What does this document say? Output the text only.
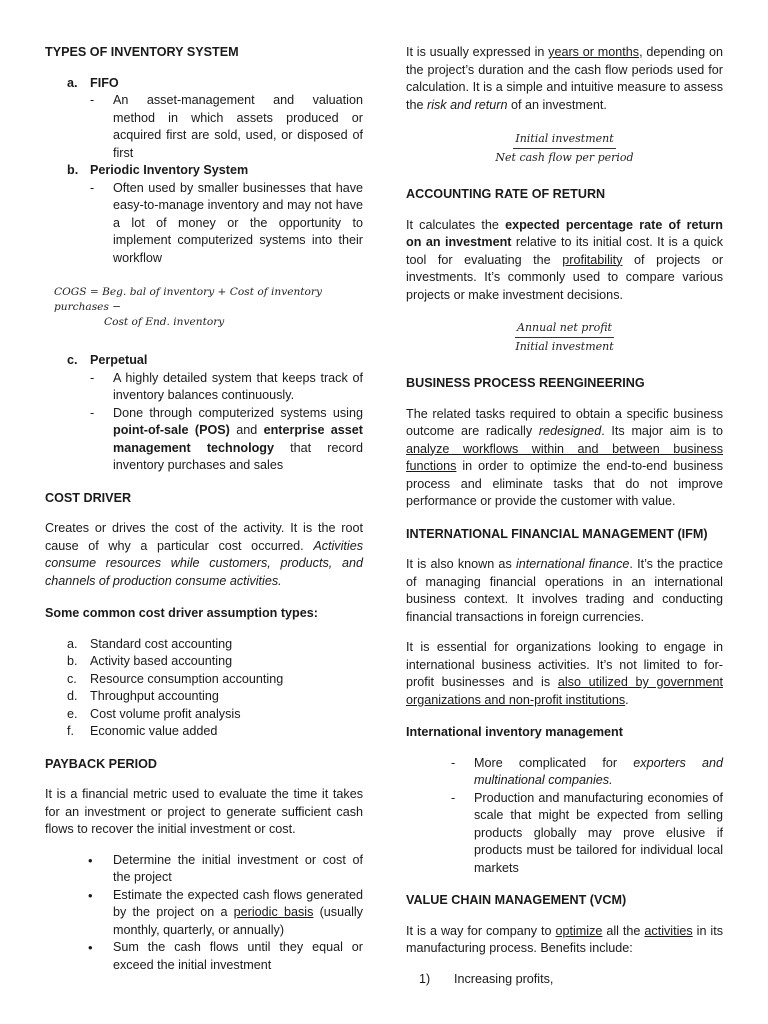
TYPES OF INVENTORY SYSTEM

a. FIFO
-	An asset-management and valuation method in which assets produced or acquired first are sold, used, or disposed of first
b. Periodic Inventory System
-	Often used by smaller businesses that have easy-to-manage inventory and may not have a lot of money or the opportunity to implement computerized systems into their workflow
COGS = Beg. bal of inventory + Cost of inventory purchases −
Cost of End. inventory
c. Perpetual
-	A highly detailed system that keeps track of inventory balances continuously.
-	Done through computerized systems using point-of-sale (POS) and enterprise asset management technology that record inventory purchases and sales

COST DRIVER

Creates or drives the cost of the activity. It is the root cause of why a particular cost occurred. Activities consume resources while customers, products, and channels of production consume activities.

Some common cost driver assumption types:

a. Standard cost accounting
b. Activity based accounting
c.	Resource consumption accounting
d. Throughput accounting
e. Cost volume profit analysis
f.	Economic value added

PAYBACK PERIOD

It is a financial metric used to evaluate the time it takes for an investment or project to generate sufficient cash flows to recover the initial investment or cost.

•	Determine the initial investment or cost of the project
•	Estimate the expected cash flows generated by the project on a periodic basis (usually monthly, quarterly, or annually)
•	Sum the cash flows until they equal or exceed the initial investment

It is usually expressed in years or months, depending on the project’s duration and the cash flow periods used for calculation. It is a simple and intuitive measure to assess the risk and return of an investment.

Initial investment
Net cash flow per period

ACCOUNTING RATE OF RETURN

It calculates the expected percentage rate of return on an investment relative to its initial cost. It is a quick tool for evaluating the profitability of projects or investments. It’s commonly used to compare various projects or make investment decisions.

Annual net profit
Initial investment

BUSINESS PROCESS REENGINEERING

The related tasks required to obtain a specific business outcome are radically redesigned. Its major aim is to analyze workflows within and between business functions in order to optimize the end-to-end business process and eliminate tasks that do not improve performance or provide the customer with value.

INTERNATIONAL FINANCIAL MANAGEMENT (IFM)

It is also known as international finance. It’s the practice of managing financial operations in an international business context. It involves trading and conducting financial transactions in foreign currencies.

It is essential for organizations looking to engage in international business activities. It’s not limited to for-profit businesses and is also utilized by government organizations and non-profit institutions.

International inventory management

-	More complicated for exporters and multinational companies.
-	Production and manufacturing economies of scale that might be expected from selling products globally may prove elusive if products must be tailored for individual local markets

VALUE CHAIN MANAGEMENT (VCM)

It is a way for company to optimize all the activities in its manufacturing process. Benefits include:

1)	Increasing profits,
